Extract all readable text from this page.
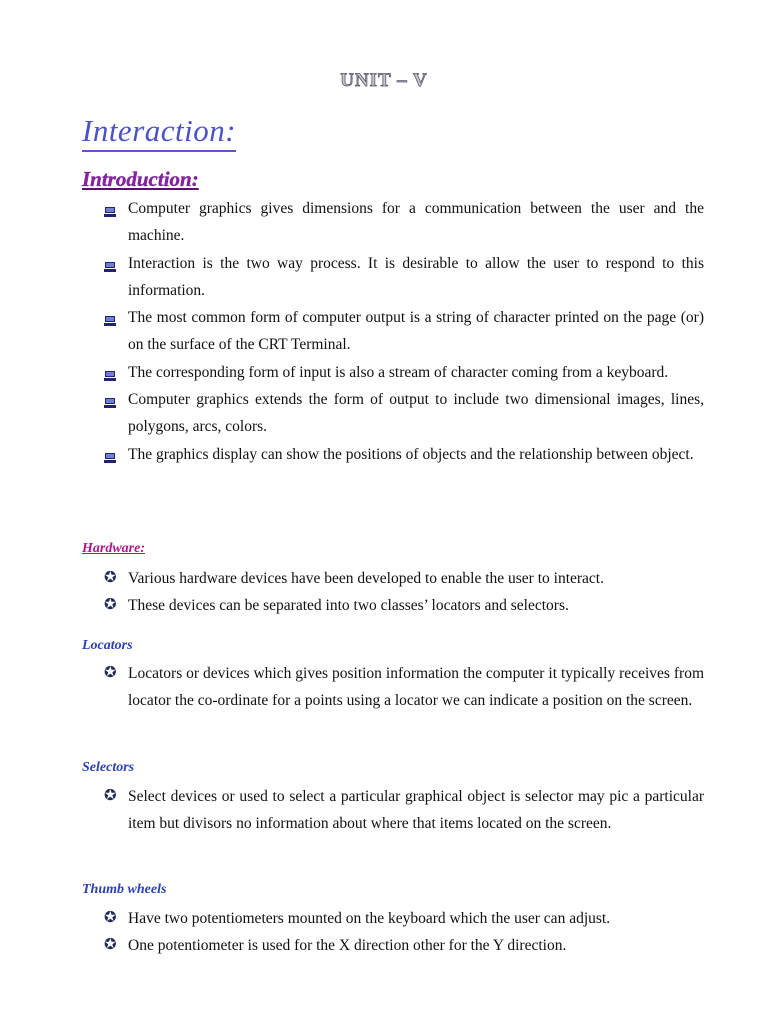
UNIT – V
Interaction:
Introduction:
Computer graphics gives dimensions for a communication between the user and the machine.
Interaction is the two way process. It is desirable to allow the user to respond to this information.
The most common form of computer output is a string of character printed on the page (or) on the surface of the CRT Terminal.
The corresponding form of input is also a stream of character coming from a keyboard.
Computer graphics extends the form of output to include two dimensional images, lines, polygons, arcs, colors.
The graphics display can show the positions of objects and the relationship between object.
Hardware:
✪ Various hardware devices have been developed to enable the user to interact.
✪ These devices can be separated into two classes’ locators and selectors.
Locators
✪ Locators or devices which gives position information the computer it typically receives from locator the co-ordinate for a points using a locator we can indicate a position on the screen.
Selectors
✪ Select devices or used to select a particular graphical object is selector may pic a particular item but divisors no information about where that items located on the screen.
Thumb wheels
✪ Have two potentiometers mounted on the keyboard which the user can adjust.
✪ One potentiometer is used for the X direction other for the Y direction.
